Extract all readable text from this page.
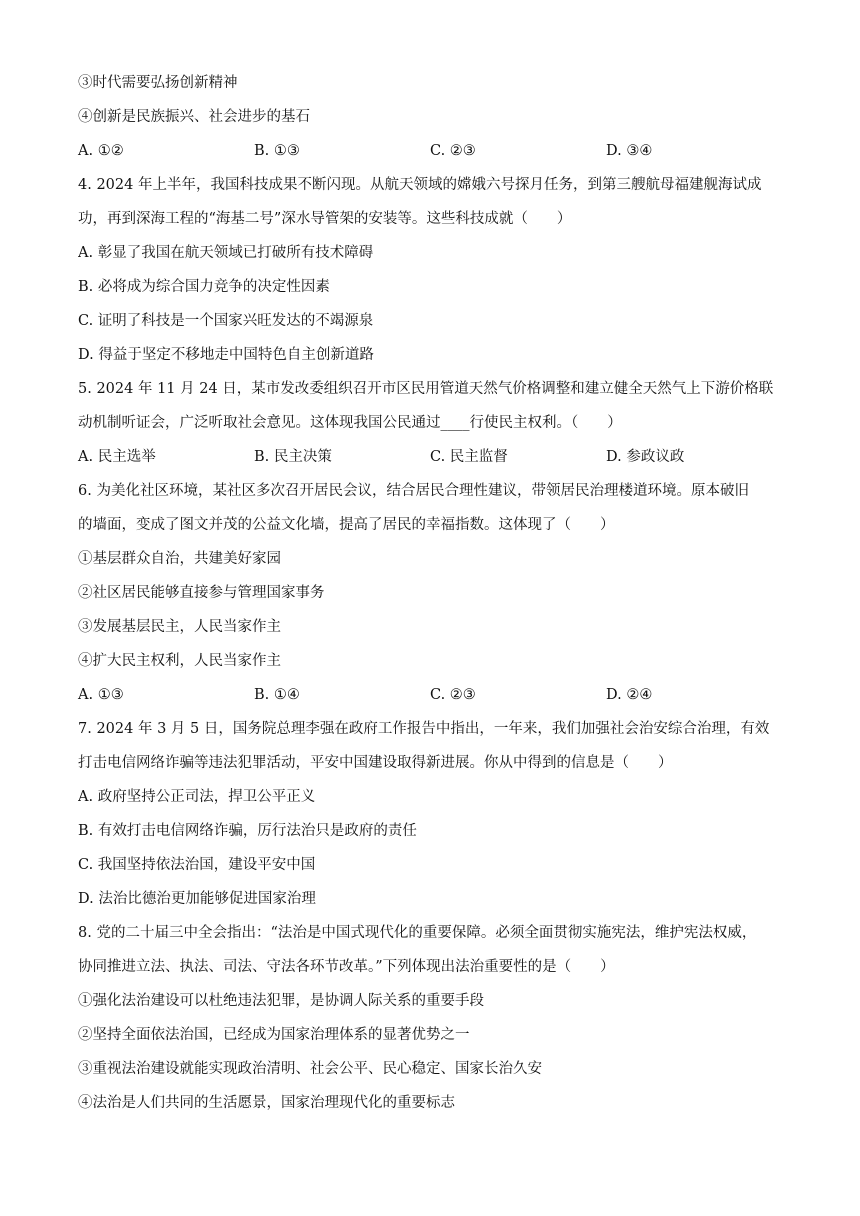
③时代需要弘扬创新精神
④创新是民族振兴、社会进步的基石
A. ①②	B. ①③	C. ②③	D. ③④
4. 2024 年上半年，我国科技成果不断闪现。从航天领域的嫦娥六号探月任务，到第三艘航母福建舰海试成
功，再到深海工程的“海基二号”深水导管架的安装等。这些科技成就（　　）
A. 彰显了我国在航天领域已打破所有技术障碍
B. 必将成为综合国力竞争的决定性因素
C. 证明了科技是一个国家兴旺发达的不竭源泉
D. 得益于坚定不移地走中国特色自主创新道路
5. 2024 年 11 月 24 日，某市发改委组织召开市区民用管道天然气价格调整和建立健全天然气上下游价格联
动机制听证会，广泛听取社会意见。这体现我国公民通过____行使民主权利。（　　）
A. 民主选举	B. 民主决策	C. 民主监督	D. 参政议政
6. 为美化社区环境，某社区多次召开居民会议，结合居民合理性建议，带领居民治理楼道环境。原本破旧
的墙面，变成了图文并茂的公益文化墙，提高了居民的幸福指数。这体现了（　　）
①基层群众自治，共建美好家园
②社区居民能够直接参与管理国家事务
③发展基层民主，人民当家作主
④扩大民主权利，人民当家作主
A. ①③	B. ①④	C. ②③	D. ②④
7. 2024 年 3 月 5 日，国务院总理李强在政府工作报告中指出，一年来，我们加强社会治安综合治理，有效
打击电信网络诈骗等违法犯罪活动，平安中国建设取得新进展。你从中得到的信息是（　　）
A. 政府坚持公正司法，捍卫公平正义
B. 有效打击电信网络诈骗，厉行法治只是政府的责任
C. 我国坚持依法治国，建设平安中国
D. 法治比德治更加能够促进国家治理
8. 党的二十届三中全会指出：“法治是中国式现代化的重要保障。必须全面贯彻实施宪法，维护宪法权威，
协同推进立法、执法、司法、守法各环节改革。”下列体现出法治重要性的是（　　）
①强化法治建设可以杜绝违法犯罪，是协调人际关系的重要手段
②坚持全面依法治国，已经成为国家治理体系的显著优势之一
③重视法治建设就能实现政治清明、社会公平、民心稳定、国家长治久安
④法治是人们共同的生活愿景，国家治理现代化的重要标志
